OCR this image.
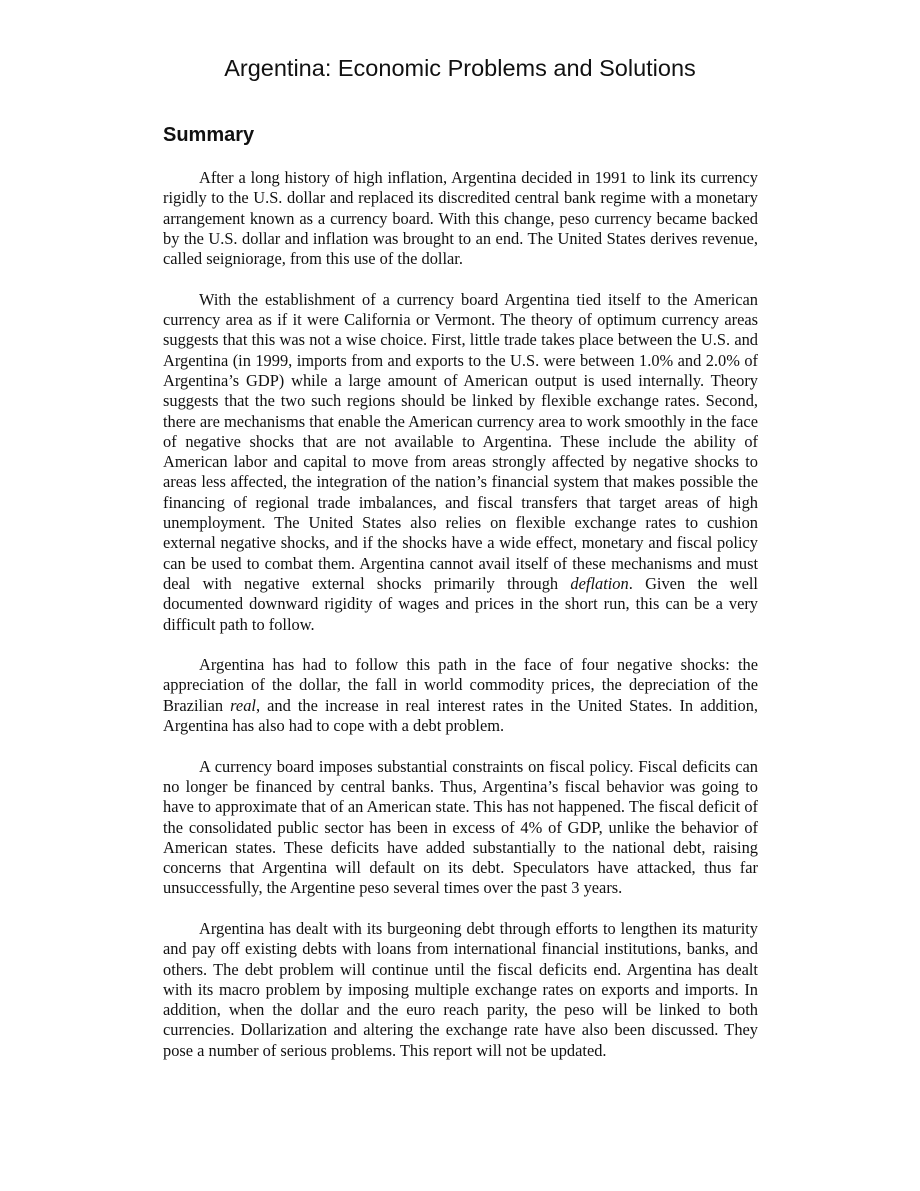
Argentina: Economic Problems and Solutions
Summary

After a long history of high inflation, Argentina decided in 1991 to link its currency rigidly to the U.S. dollar and replaced its discredited central bank regime with a monetary arrangement known as a currency board. With this change, peso currency became backed by the U.S. dollar and inflation was brought to an end. The United States derives revenue, called seigniorage, from this use of the dollar.

With the establishment of a currency board Argentina tied itself to the American currency area as if it were California or Vermont. The theory of optimum currency areas suggests that this was not a wise choice. First, little trade takes place between the U.S. and Argentina (in 1999, imports from and exports to the U.S. were between 1.0% and 2.0% of Argentina’s GDP) while a large amount of American output is used internally. Theory suggests that the two such regions should be linked by flexible exchange rates. Second, there are mechanisms that enable the American currency area to work smoothly in the face of negative shocks that are not available to Argentina. These include the ability of American labor and capital to move from areas strongly affected by negative shocks to areas less affected, the integration of the nation’s financial system that makes possible the financing of regional trade imbalances, and fiscal transfers that target areas of high unemployment. The United States also relies on flexible exchange rates to cushion external negative shocks, and if the shocks have a wide effect, monetary and fiscal policy can be used to combat them. Argentina cannot avail itself of these mechanisms and must deal with negative external shocks primarily through deflation. Given the well documented downward rigidity of wages and prices in the short run, this can be a very difficult path to follow.

Argentina has had to follow this path in the face of four negative shocks: the appreciation of the dollar, the fall in world commodity prices, the depreciation of the Brazilian real, and the increase in real interest rates in the United States. In addition, Argentina has also had to cope with a debt problem.

A currency board imposes substantial constraints on fiscal policy. Fiscal deficits can no longer be financed by central banks. Thus, Argentina’s fiscal behavior was going to have to approximate that of an American state. This has not happened. The fiscal deficit of the consolidated public sector has been in excess of 4% of GDP, unlike the behavior of American states. These deficits have added substantially to the national debt, raising concerns that Argentina will default on its debt. Speculators have attacked, thus far unsuccessfully, the Argentine peso several times over the past 3 years.

Argentina has dealt with its burgeoning debt through efforts to lengthen its maturity and pay off existing debts with loans from international financial institutions, banks, and others. The debt problem will continue until the fiscal deficits end. Argentina has dealt with its macro problem by imposing multiple exchange rates on exports and imports. In addition, when the dollar and the euro reach parity, the peso will be linked to both currencies. Dollarization and altering the exchange rate have also been discussed. They pose a number of serious problems. This report will not be updated.
